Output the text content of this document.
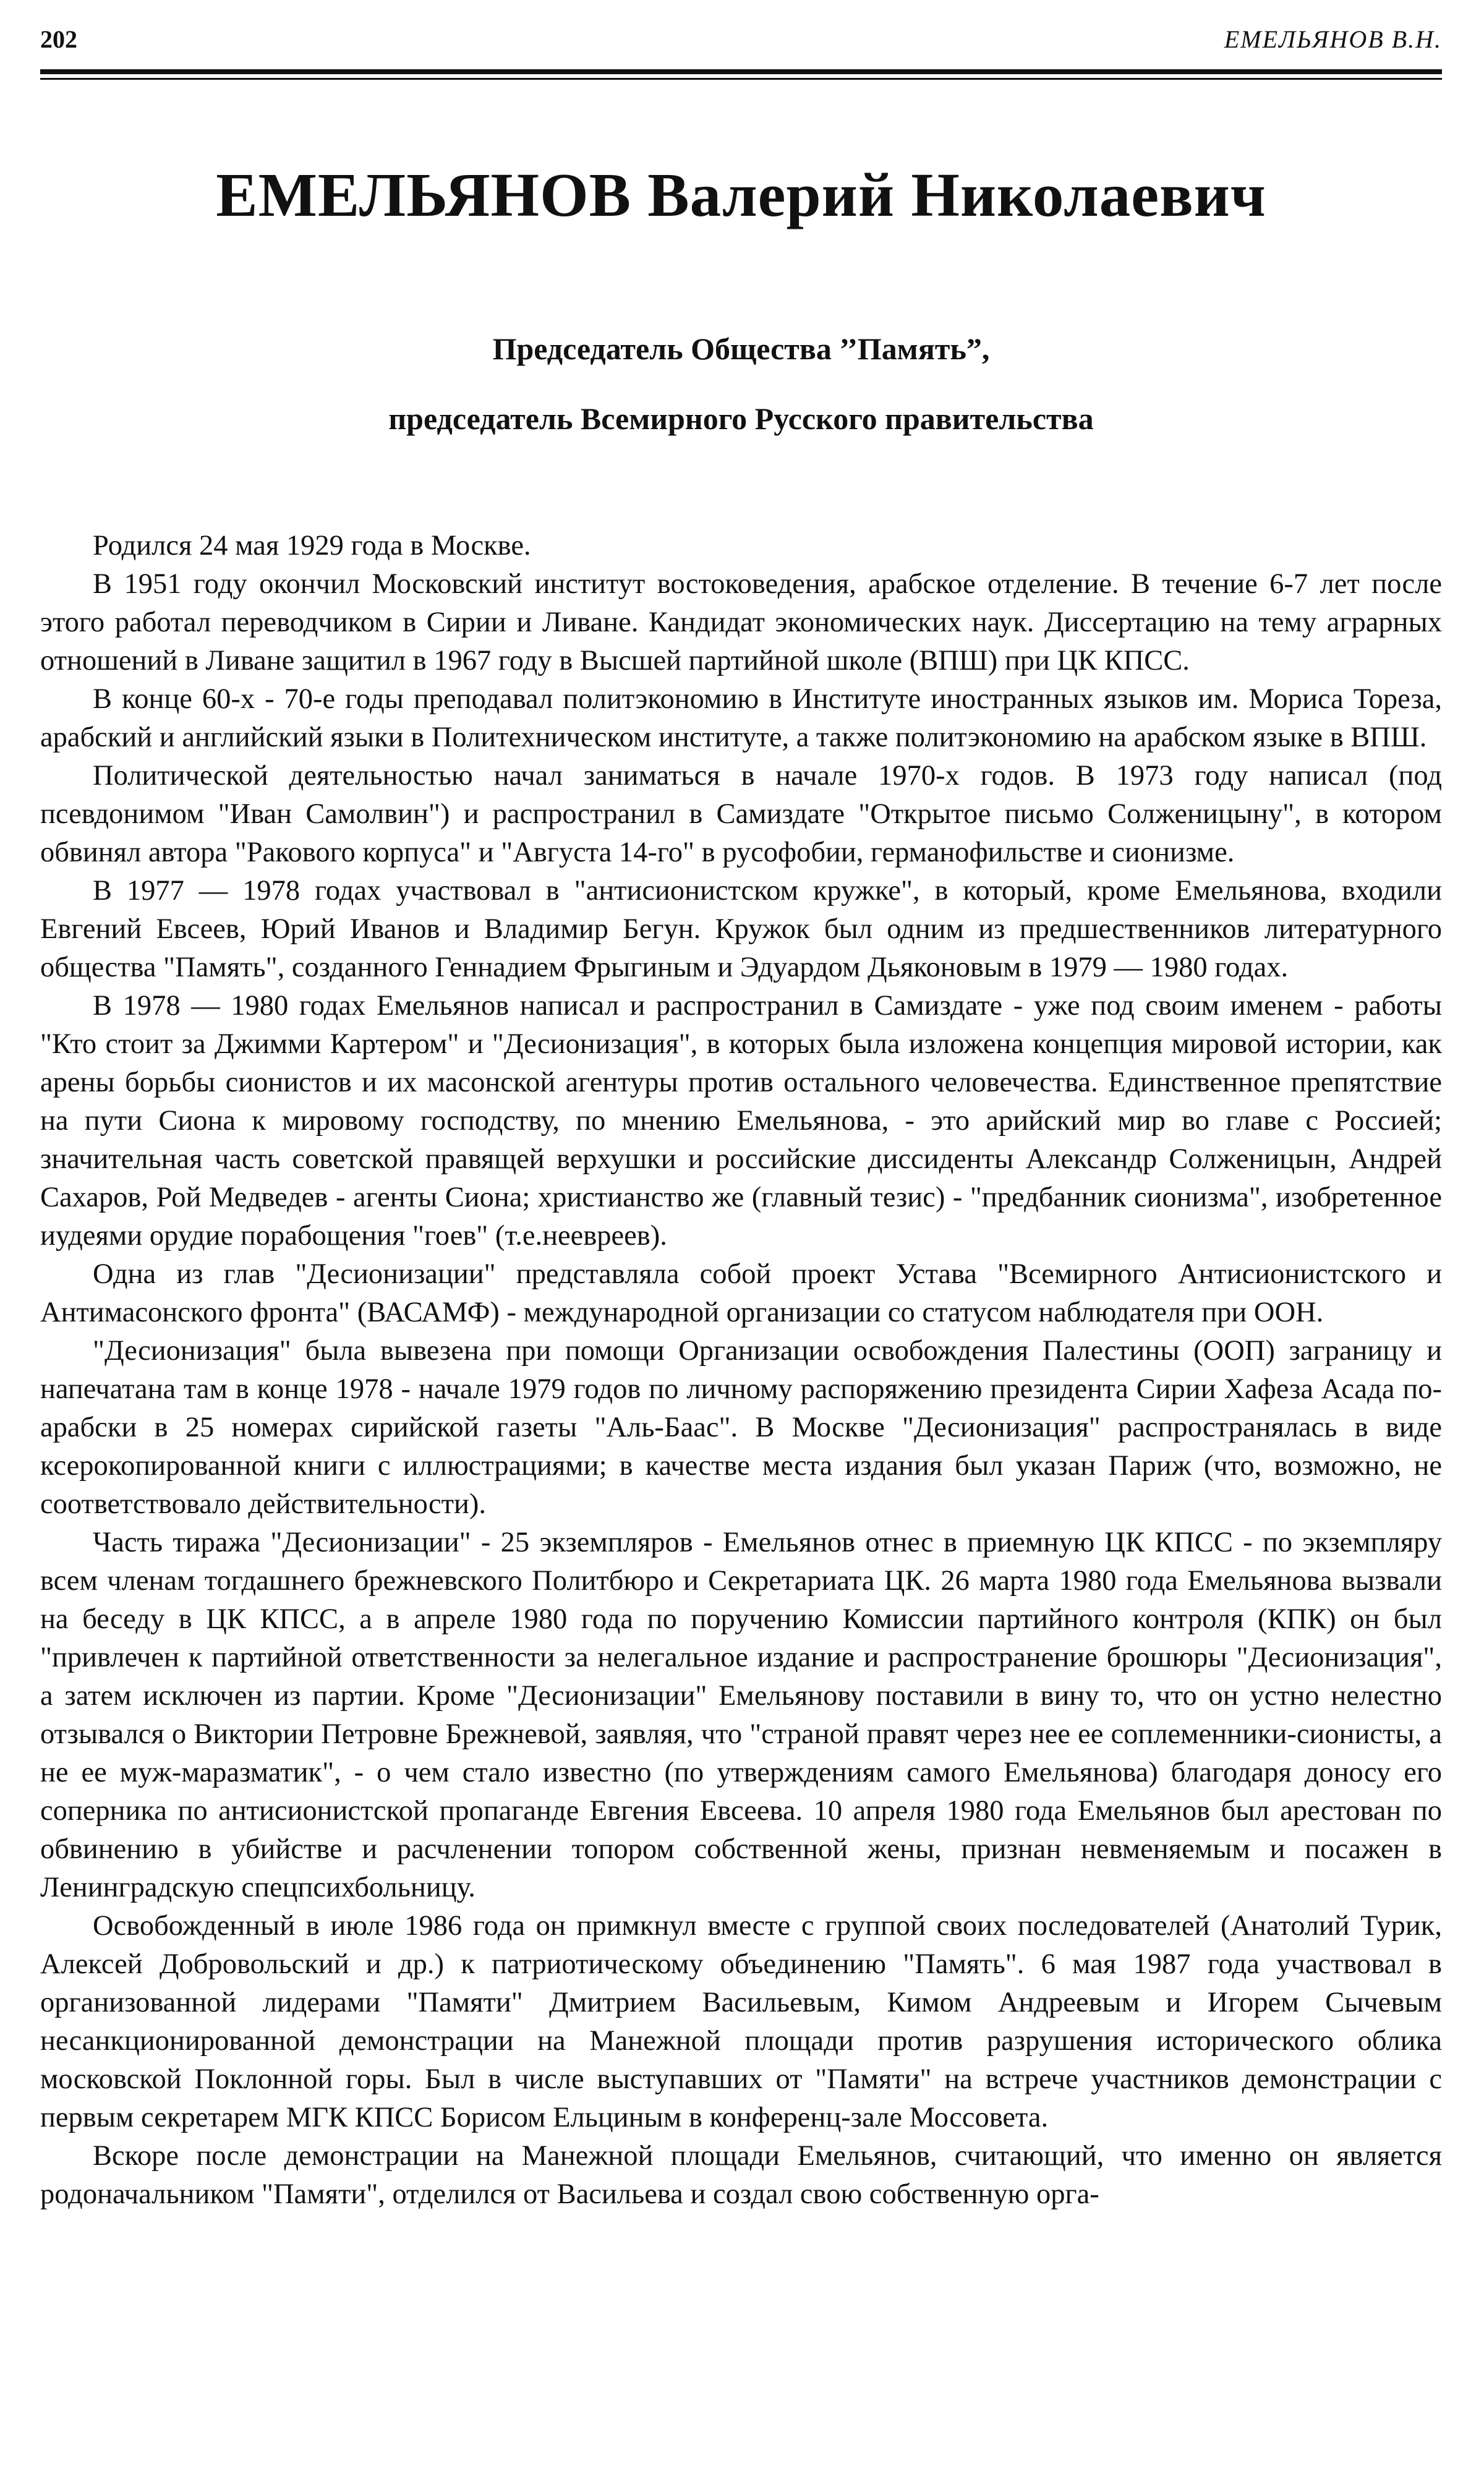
202	ЕМЕЛЬЯНОВ В.Н.
ЕМЕЛЬЯНОВ Валерий Николаевич
Председатель Общества ’’Память”,
председатель Всемирного Русского правительства

Родился 24 мая 1929 года в Москве.

В 1951 году окончил Московский институт востоковедения, арабское отделение. В течение 6-7 лет после этого работал переводчиком в Сирии и Ливане. Кандидат экономических наук. Диссертацию на тему аграрных отношений в Ливане защитил в 1967 году в Высшей партийной школе (ВПШ) при ЦК КПСС.

В конце 60-х - 70-е годы преподавал политэкономию в Институте иностранных языков им. Мориса Тореза, арабский и английский языки в Политехническом институте, а также политэкономию на арабском языке в ВПШ.

Политической деятельностью начал заниматься в начале 1970-х годов. В 1973 году написал (под псевдонимом "Иван Самолвин") и распространил в Самиздате "Открытое письмо Солженицыну", в котором обвинял автора "Ракового корпуса" и "Августа 14-го" в русофобии, германофильстве и сионизме.

В 1977 — 1978 годах участвовал в "антисионистском кружке", в который, кроме Емельянова, входили Евгений Евсеев, Юрий Иванов и Владимир Бегун. Кружок был одним из предшественников литературного общества "Память", созданного Геннадием Фрыгиным и Эдуардом Дьяконовым в 1979 — 1980 годах.

В 1978 — 1980 годах Емельянов написал и распространил в Самиздате - уже под своим именем - работы "Кто стоит за Джимми Картером" и "Десионизация", в которых была изложена концепция мировой истории, как арены борьбы сионистов и их масонской агентуры против остального человечества. Единственное препятствие на пути Сиона к мировому господству, по мнению Емельянова, - это арийский мир во главе с Россией; значительная часть советской правящей верхушки и российские диссиденты Александр Солженицын, Андрей Сахаров, Рой Медведев - агенты Сиона; христианство же (главный тезис) - "предбанник сионизма", изобретенное иудеями орудие порабощения "гоев" (т.е.неевреев).

Одна из глав "Десионизации" представляла собой проект Устава "Всемирного Антисионистского и Антимасонского фронта" (ВАСАМФ) - международной организации со статусом наблюдателя при ООН.

"Десионизация" была вывезена при помощи Организации освобождения Палестины (ООП) заграницу и напечатана там в конце 1978 - начале 1979 годов по личному распоряжению президента Сирии Хафеза Асада по-арабски в 25 номерах сирийской газеты "Аль-Баас". В Москве "Десионизация" распространялась в виде ксерокопированной книги с иллюстрациями; в качестве места издания был указан Париж (что, возможно, не соответствовало действительности).

Часть тиража "Десионизации" - 25 экземпляров - Емельянов отнес в приемную ЦК КПСС - по экземпляру всем членам тогдашнего брежневского Политбюро и Секретариата ЦК. 26 марта 1980 года Емельянова вызвали на беседу в ЦК КПСС, а в апреле 1980 года по поручению Комиссии партийного контроля (КПК) он был "привлечен к партийной ответственности за нелегальное издание и распространение брошюры "Десионизация", а затем исключен из партии. Кроме "Десионизации" Емельянову поставили в вину то, что он устно нелестно отзывался о Виктории Петровне Брежневой, заявляя, что "страной правят через нее ее соплеменники-сионисты, а не ее муж-маразматик", - о чем стало известно (по утверждениям самого Емельянова) благодаря доносу его соперника по антисионистской пропаганде Евгения Евсеева. 10 апреля 1980 года Емельянов был арестован по обвинению в убийстве и расчленении топором собственной жены, признан невменяемым и посажен в Ленинградскую спецпсихбольницу.

Освобожденный в июле 1986 года он примкнул вместе с группой своих последователей (Анатолий Турик, Алексей Добровольский и др.) к патриотическому объединению "Память". 6 мая 1987 года участвовал в организованной лидерами "Памяти" Дмитрием Васильевым, Кимом Андреевым и Игорем Сычевым несанкционированной демонстрации на Манежной площади против разрушения исторического облика московской Поклонной горы. Был в числе выступавших от "Памяти" на встрече участников демонстрации с первым секретарем МГК КПСС Борисом Ельциным в конференц-зале Моссовета.

Вскоре после демонстрации на Манежной площади Емельянов, считающий, что именно он является родоначальником "Памяти", отделился от Васильева и создал свою собственную орга-
